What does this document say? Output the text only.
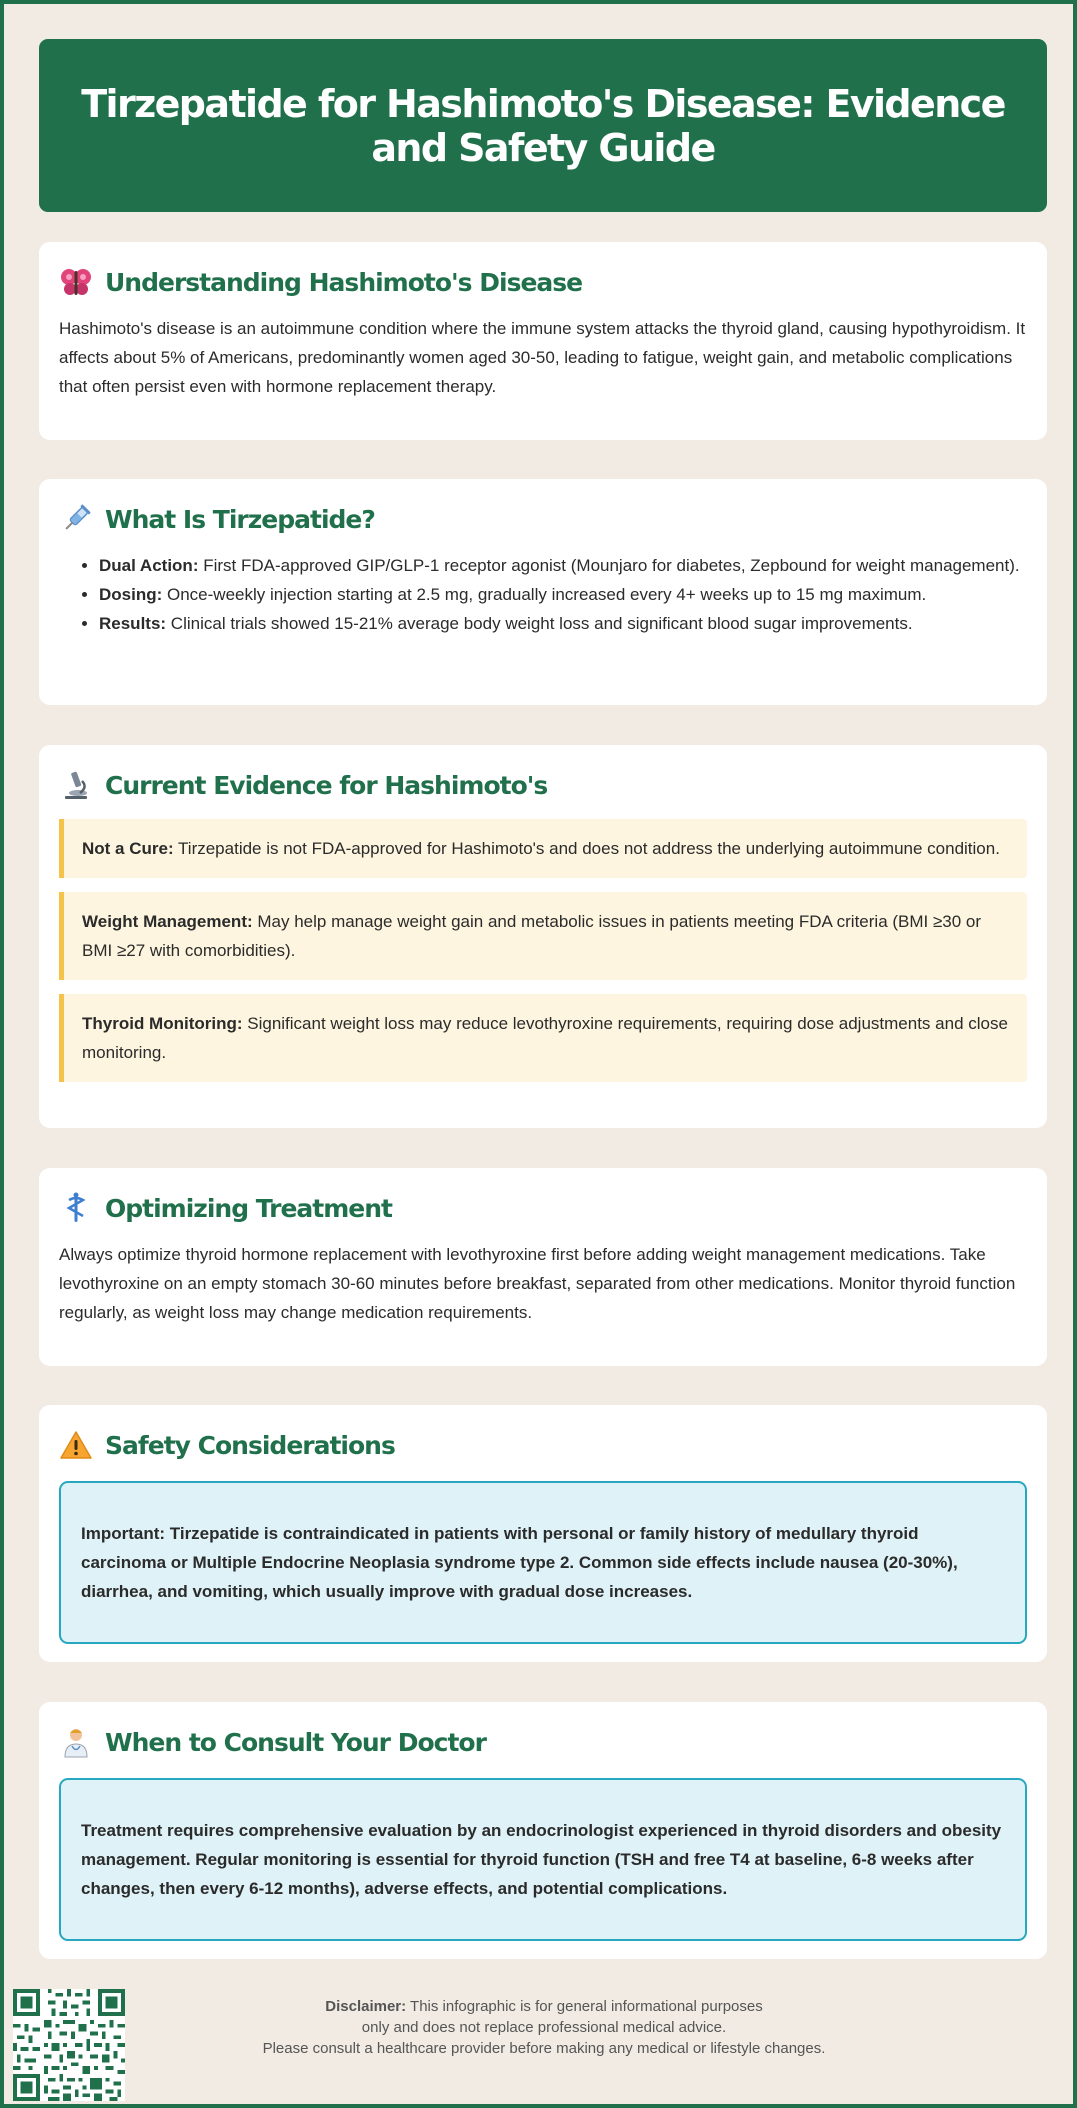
Tirzepatide for Hashimoto's Disease: Evidence and Safety Guide
Understanding Hashimoto's Disease

Hashimoto's disease is an autoimmune condition where the immune system attacks the thyroid gland, causing hypothyroidism. It affects about 5% of Americans, predominantly women aged 30-50, leading to fatigue, weight gain, and metabolic complications that often persist even with hormone replacement therapy.

What Is Tirzepatide?
• Dual Action: First FDA-approved GIP/GLP-1 receptor agonist (Mounjaro for diabetes, Zepbound for weight management).
• Dosing: Once-weekly injection starting at 2.5 mg, gradually increased every 4+ weeks up to 15 mg maximum.
• Results: Clinical trials showed 15-21% average body weight loss and significant blood sugar improvements.
Current Evidence for Hashimoto's
Not a Cure: Tirzepatide is not FDA-approved for Hashimoto's and does not address the underlying autoimmune condition.
Weight Management: May help manage weight gain and metabolic issues in patients meeting FDA criteria (BMI ≥30 or BMI ≥27 with comorbidities).
Thyroid Monitoring: Significant weight loss may reduce levothyroxine requirements, requiring dose adjustments and close monitoring.
Optimizing Treatment

Always optimize thyroid hormone replacement with levothyroxine first before adding weight management medications. Take levothyroxine on an empty stomach 30-60 minutes before breakfast, separated from other medications. Monitor thyroid function regularly, as weight loss may change medication requirements.

Safety Considerations
Important: Tirzepatide is contraindicated in patients with personal or family history of medullary thyroid carcinoma or Multiple Endocrine Neoplasia syndrome type 2. Common side effects include nausea (20-30%), diarrhea, and vomiting, which usually improve with gradual dose increases.
When to Consult Your Doctor
Treatment requires comprehensive evaluation by an endocrinologist experienced in thyroid disorders and obesity management. Regular monitoring is essential for thyroid function (TSH and free T4 at baseline, 6-8 weeks after changes, then every 6-12 months), adverse effects, and potential complications.
Disclaimer: This infographic is for general informational purposes
only and does not replace professional medical advice.
Please consult a healthcare provider before making any medical or lifestyle changes.
